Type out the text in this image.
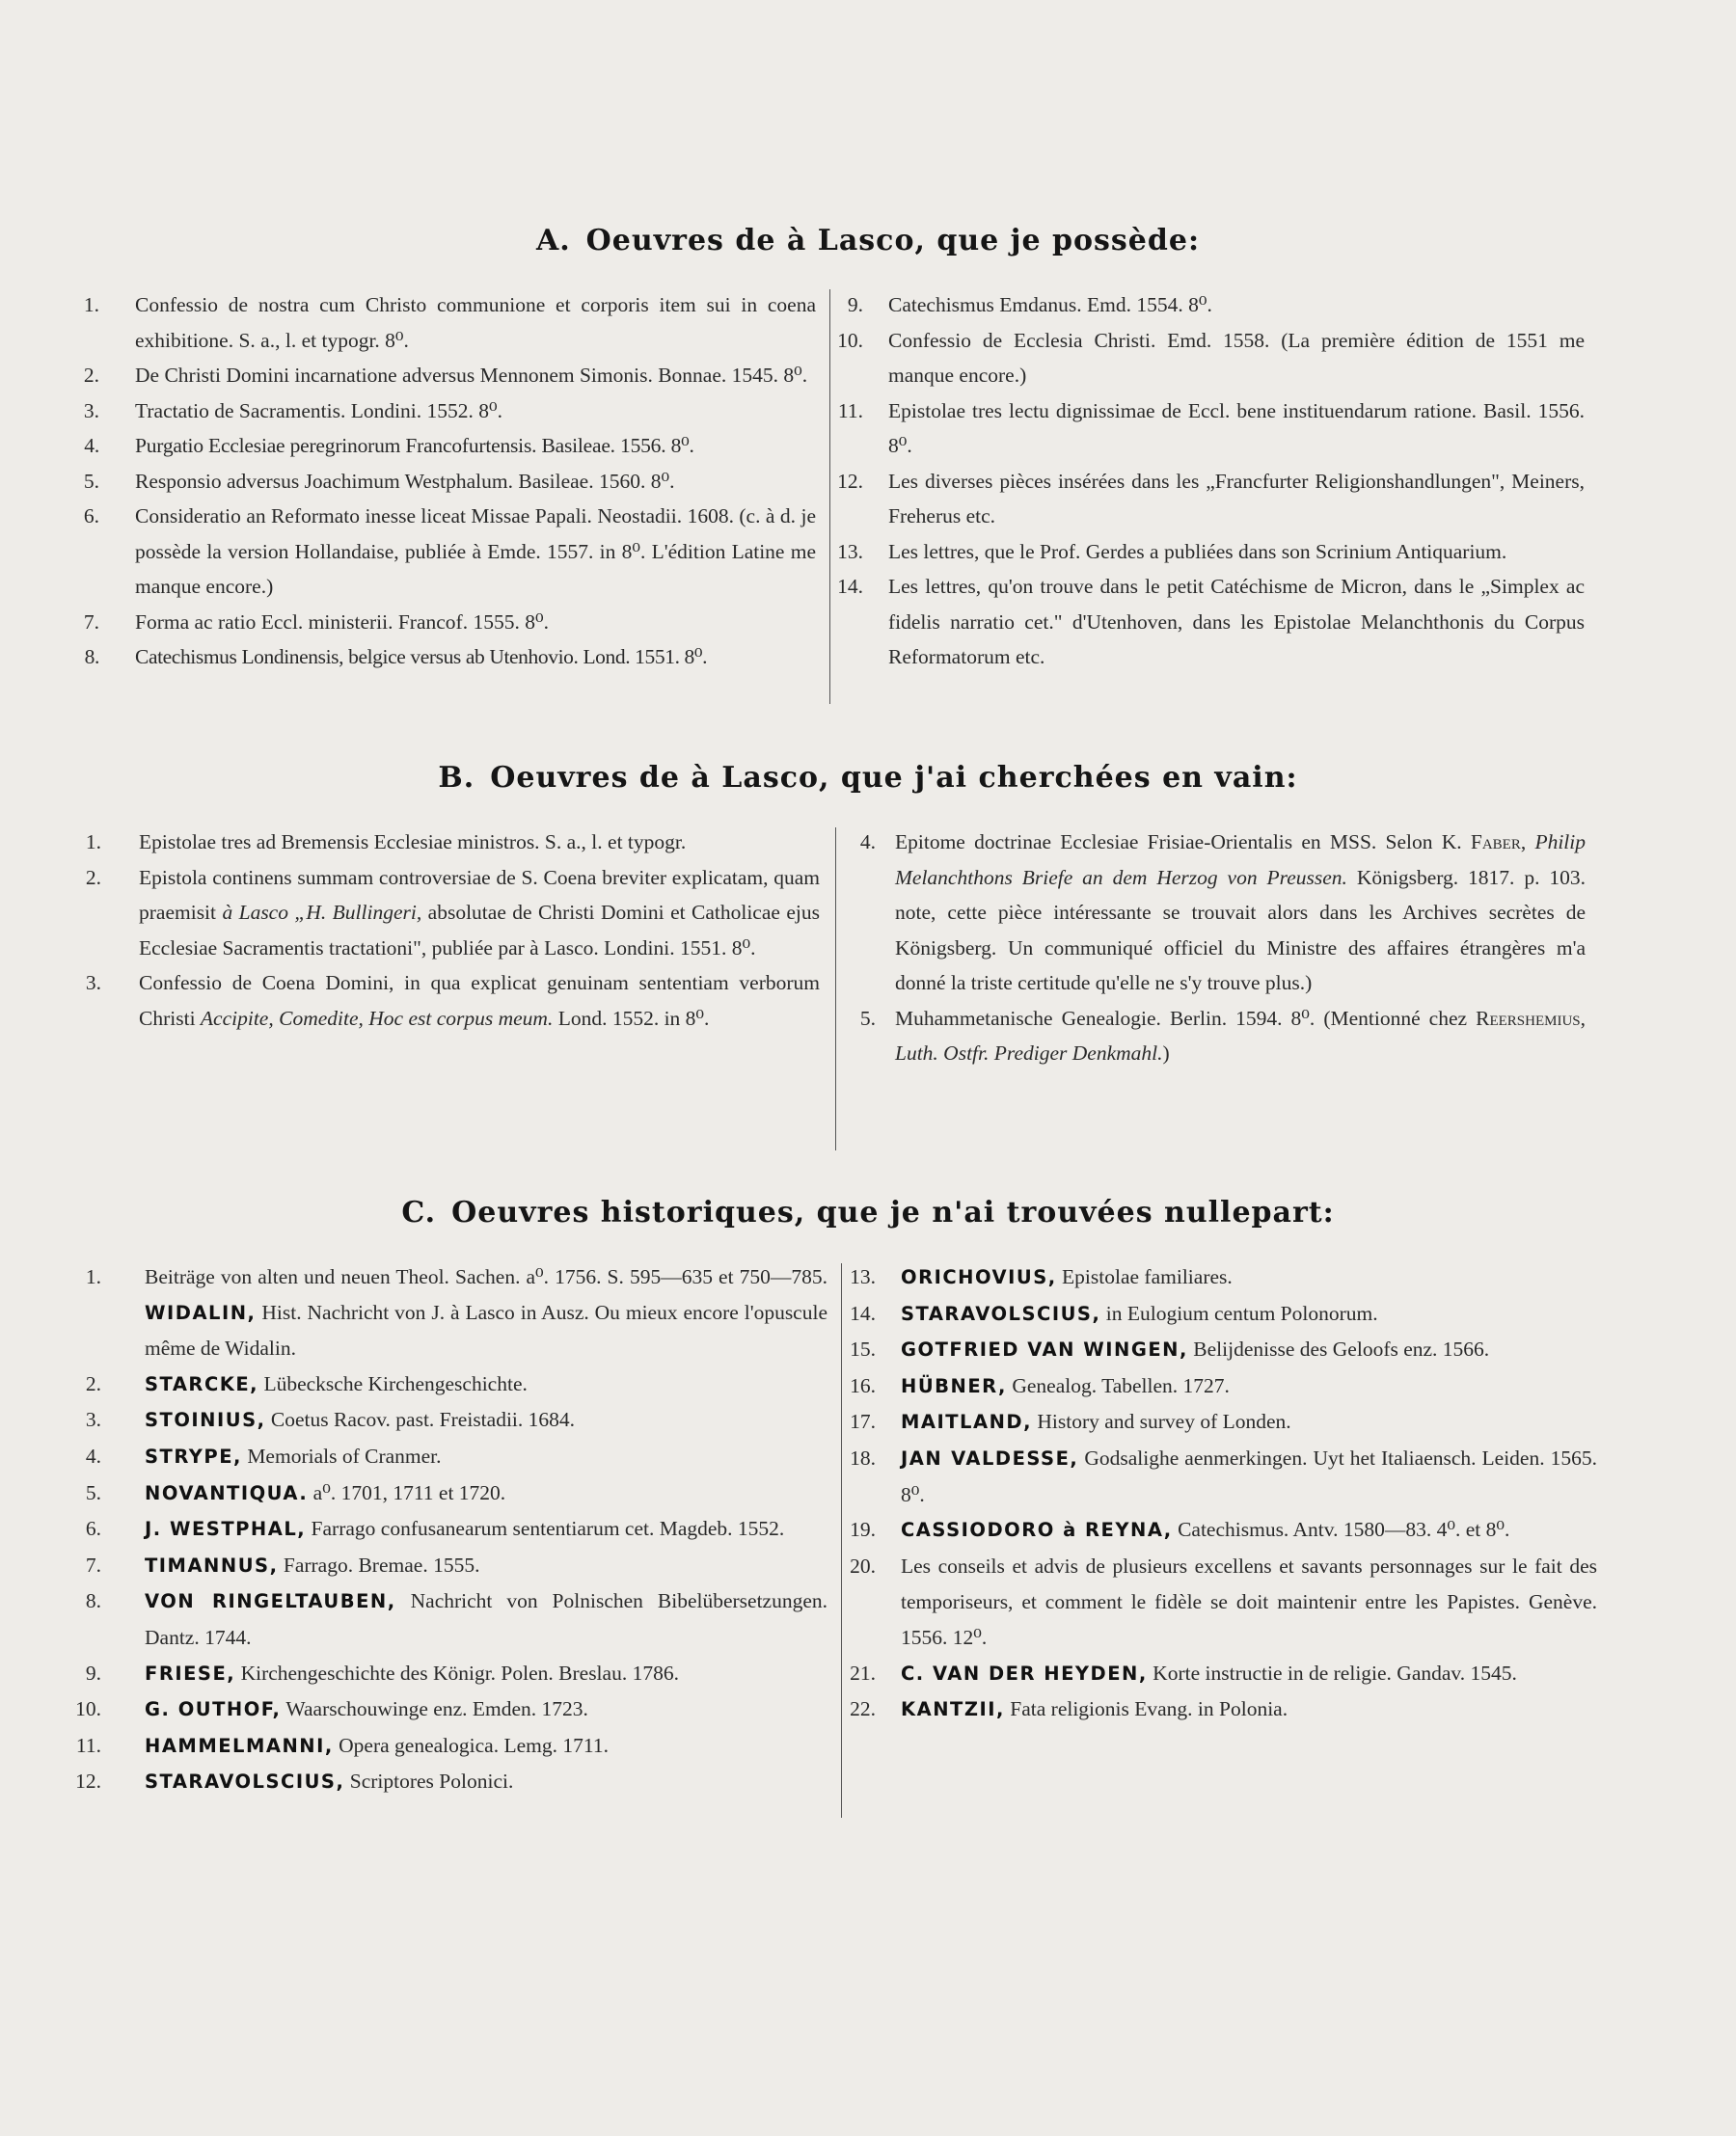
A. Oeuvres de à Lasco, que je possède:
1. Confessio de nostra cum Christo communione et corporis item sui in coena exhibitione. S. a., l. et typogr. 8⁰.
2. De Christi Domini incarnatione adversus Mennonem Simonis. Bonnae. 1545. 8⁰.
3. Tractatio de Sacramentis. Londini. 1552. 8⁰.
4. Purgatio Ecclesiae peregrinorum Francofurtensis. Basileae. 1556. 8⁰.
5. Responsio adversus Joachimum Westphalum. Basileae. 1560. 8⁰.
6. Consideratio an Reformato inesse liceat Missae Papali. Neostadii. 1608. (c. à d. je possède la version Hollandaise, publiée à Emde. 1557. in 8⁰. L'édition Latine me manque encore.)
7. Forma ac ratio Eccl. ministerii. Francof. 1555. 8⁰.
8. Catechismus Londinensis, belgice versus ab Utenhovio. Lond. 1551. 8⁰.
9. Catechismus Emdanus. Emd. 1554. 8⁰.
10. Confessio de Ecclesia Christi. Emd. 1558. (La première édition de 1551 me manque encore.)
11. Epistolae tres lectu dignissimae de Eccl. bene instituendarum ratione. Basil. 1556. 8⁰.
12. Les diverses pièces insérées dans les „Francfurter Religionshandlungen", Meiners, Freherus etc.
13. Les lettres, que le Prof. Gerdes a publiées dans son Scrinium Antiquarium.
14. Les lettres, qu'on trouve dans le petit Catéchisme de Micron, dans le „Simplex ac fidelis narratio cet." d'Utenhoven, dans les Epistolae Melanchthonis du Corpus Reformatorum etc.
B. Oeuvres de à Lasco, que j'ai cherchées en vain:
1. Epistolae tres ad Bremensis Ecclesiae ministros. S. a., l. et typogr.
2. Epistola continens summam controversiae de S. Coena breviter explicatam, quam praemisit à Lasco „H. Bullingeri, absolutae de Christi Domini et Catholicae ejus Ecclesiae Sacramentis tractationi", publiée par à Lasco. Londini. 1551. 8⁰.
3. Confessio de Coena Domini, in qua explicat genuinam sententiam verborum Christi Accipite, Comedite, Hoc est corpus meum. Lond. 1552. in 8⁰.
4. Epitome doctrinae Ecclesiae Frisiae-Orientalis en MSS. Selon K. Faber, Philip Melanchthons Briefe an dem Herzog von Preussen. Königsberg. 1817. p. 103. note, cette pièce intéressante se trouvait alors dans les Archives secrètes de Königsberg. Un communiqué officiel du Ministre des affaires étrangères m'a donné la triste certitude qu'elle ne s'y trouve plus.)
5. Muhammetanische Genealogie. Berlin. 1594. 8⁰. (Mentionné chez Reershemius, Luth. Ostfr. Prediger Denkmahl.)
C. Oeuvres historiques, que je n'ai trouvées nullepart:
1. Beiträge von alten und neuen Theol. Sachen. a⁰. 1756. S. 595—635 et 750—785. WIDALIN, Hist. Nachricht von J. à Lasco in Ausz. Ou mieux encore l'opuscule même de Widalin.
2. STARCKE, Lübecksche Kirchengeschichte.
3. STOINIUS, Coetus Racov. past. Freistadii. 1684.
4. STRYPE, Memorials of Cranmer.
5. NOVANTIQUA. a⁰. 1701, 1711 et 1720.
6. J. WESTPHAL, Farrago confusanearum sententiarum cet. Magdeb. 1552.
7. TIMANNUS, Farrago. Bremae. 1555.
8. VON RINGELTAUBEN, Nachricht von Polnischen Bibelübersetzungen. Dantz. 1744.
9. FRIESE, Kirchengeschichte des Königr. Polen. Breslau. 1786.
10. G. OUTHOF, Waarschouwinge enz. Emden. 1723.
11. HAMMELMANNI, Opera genealogica. Lemg. 1711.
12. STARAVOLSCIUS, Scriptores Polonici.
13. ORICHOVIUS, Epistolae familiares.
14. STARAVOLSCIUS, in Eulogium centum Polonorum.
15. GOTFRIED VAN WINGEN, Belijdenisse des Geloofs enz. 1566.
16. HÜBNER, Genealog. Tabellen. 1727.
17. MAITLAND, History and survey of Londen.
18. JAN VALDESSE, Godsalighe aenmerkingen. Uyt het Italiaensch. Leiden. 1565. 8⁰.
19. CASSIODORO à REYNA, Catechismus. Antv. 1580—83. 4⁰. et 8⁰.
20. Les conseils et advis de plusieurs excellens et savants personnages sur le fait des temporiseurs, et comment le fidèle se doit maintenir entre les Papistes. Genève. 1556. 12⁰.
21. C. VAN DER HEYDEN, Korte instructie in de religie. Gandav. 1545.
22. KANTZII, Fata religionis Evang. in Polonia.
